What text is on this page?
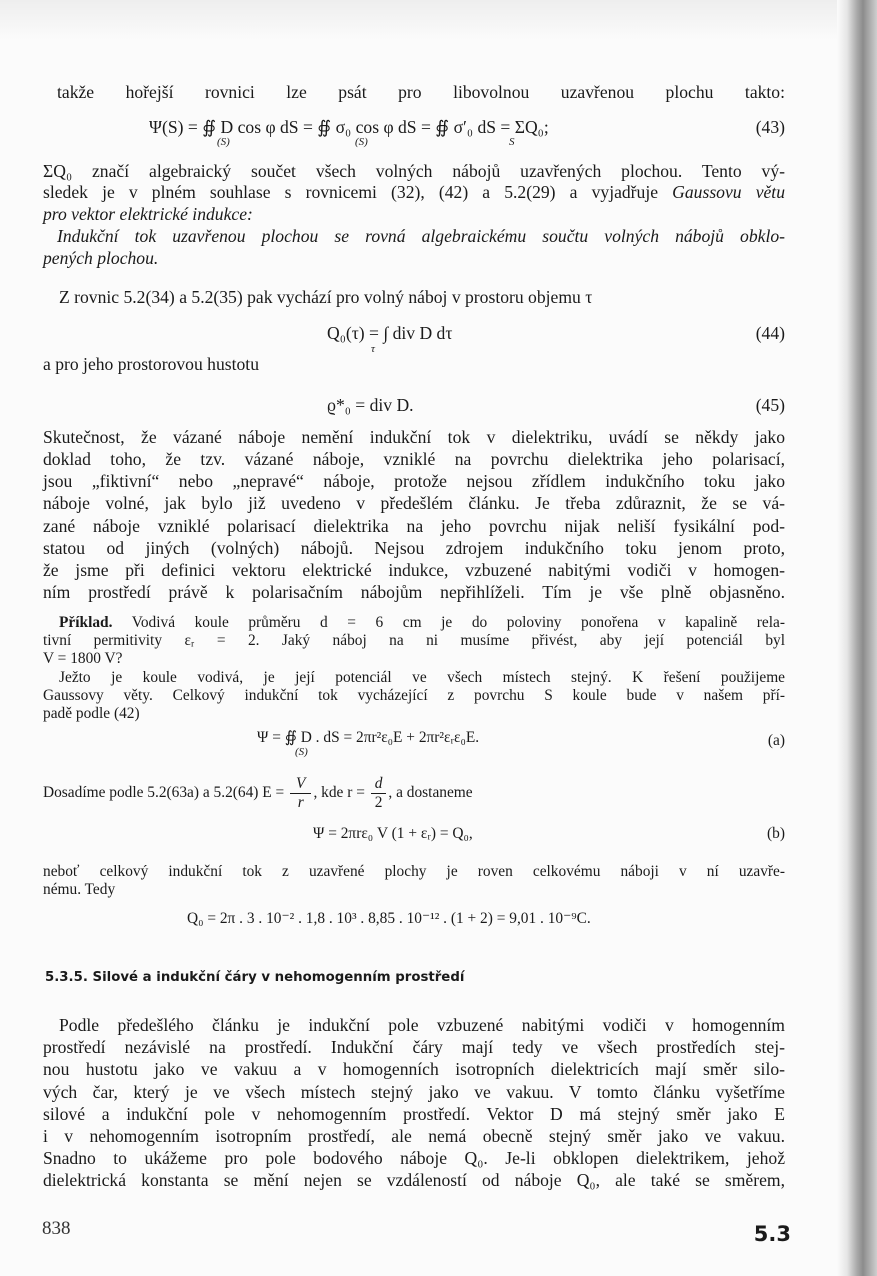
takže hořejší rovnici lze psát pro libovolnou uzavřenou plochu takto:
Ψ(S) = ∯ D cos φ dS = ∯ σ₀ cos φ dS = ∯ σ′₀ dS = ΣQ₀;
(S)	(S)	S
(43)
ΣQ₀ značí algebraický součet všech volných nábojů uzavřených plochou. Tento vý-
sledek je v plném souhlase s rovnicemi (32), (42) a 5.2(29) a vyjadřuje Gaussovu větu
pro vektor elektrické indukce:
Indukční tok uzavřenou plochou se rovná algebraickému součtu volných nábojů obklo-
pených plochou.
Z rovnic 5.2(34) a 5.2(35) pak vychází pro volný náboj v prostoru objemu τ
Q₀(τ) = ∫ div D dτ
τ
(44)
a pro jeho prostorovou hustotu
ϱ*₀ = div D.	(45)
Skutečnost, že vázané náboje nemění indukční tok v dielektriku, uvádí se někdy jako
doklad toho, že tzv. vázané náboje, vzniklé na povrchu dielektrika jeho polarisací,
jsou „fiktivní“ nebo „nepravé“ náboje, protože nejsou zřídlem indukčního toku jako
náboje volné, jak bylo již uvedeno v předešlém článku. Je třeba zdůraznit, že se vá-
zané náboje vzniklé polarisací dielektrika na jeho povrchu nijak neliší fysikální pod-
statou od jiných (volných) nábojů. Nejsou zdrojem indukčního toku jenom proto,
že jsme při definici vektoru elektrické indukce, vzbuzené nabitými vodiči v homogen-
ním prostředí právě k polarisačním nábojům nepřihlíželi. Tím je vše plně objasněno.
Příklad. Vodivá koule průměru d = 6 cm je do poloviny ponořena v kapalině rela-
tivní permitivity εᵣ = 2. Jaký náboj na ni musíme přivést, aby její potenciál byl
V = 1800 V?
Ježto je koule vodivá, je její potenciál ve všech místech stejný. K řešení použijeme
Gaussovy věty. Celkový indukční tok vycházející z povrchu S koule bude v našem pří-
padě podle (42)
Ψ = ∯ D . dS = 2πr²ε₀E + 2πr²εᵣε₀E.
(S)
(a)
Dosadíme podle 5.2(63a) a 5.2(64) $E = \frac{V}{r}$ , kde $r = \frac{d}{2}$ , a dostaneme
Ψ = 2πrε₀ V (1 + εᵣ) = Q₀,	(b)
neboť celkový indukční tok z uzavřené plochy je roven celkovému náboji v ní uzavře-
nému. Tedy
Q₀ = 2π . 3 . 10⁻² . 1,8 . 10³ . 8,85 . 10⁻¹² . (1 + 2) = 9,01 . 10⁻⁹C.
5.3.5. Silové a indukční čáry v nehomogenním prostředí
Podle předešlého článku je indukční pole vzbuzené nabitými vodiči v homogenním
prostředí nezávislé na prostředí. Indukční čáry mají tedy ve všech prostředích stej-
nou hustotu jako ve vakuu a v homogenních isotropních dielektricích mají směr silo-
vých čar, který je ve všech místech stejný jako ve vakuu. V tomto článku vyšetříme
silové a indukční pole v nehomogenním prostředí. Vektor D má stejný směr jako E
i v nehomogenním isotropním prostředí, ale nemá obecně stejný směr jako ve vakuu.
Snadno to ukážeme pro pole bodového náboje Q₀. Je-li obklopen dielektrikem, jehož
dielektrická konstanta se mění nejen se vzdáleností od náboje Q₀, ale také se směrem,
838	5.3
